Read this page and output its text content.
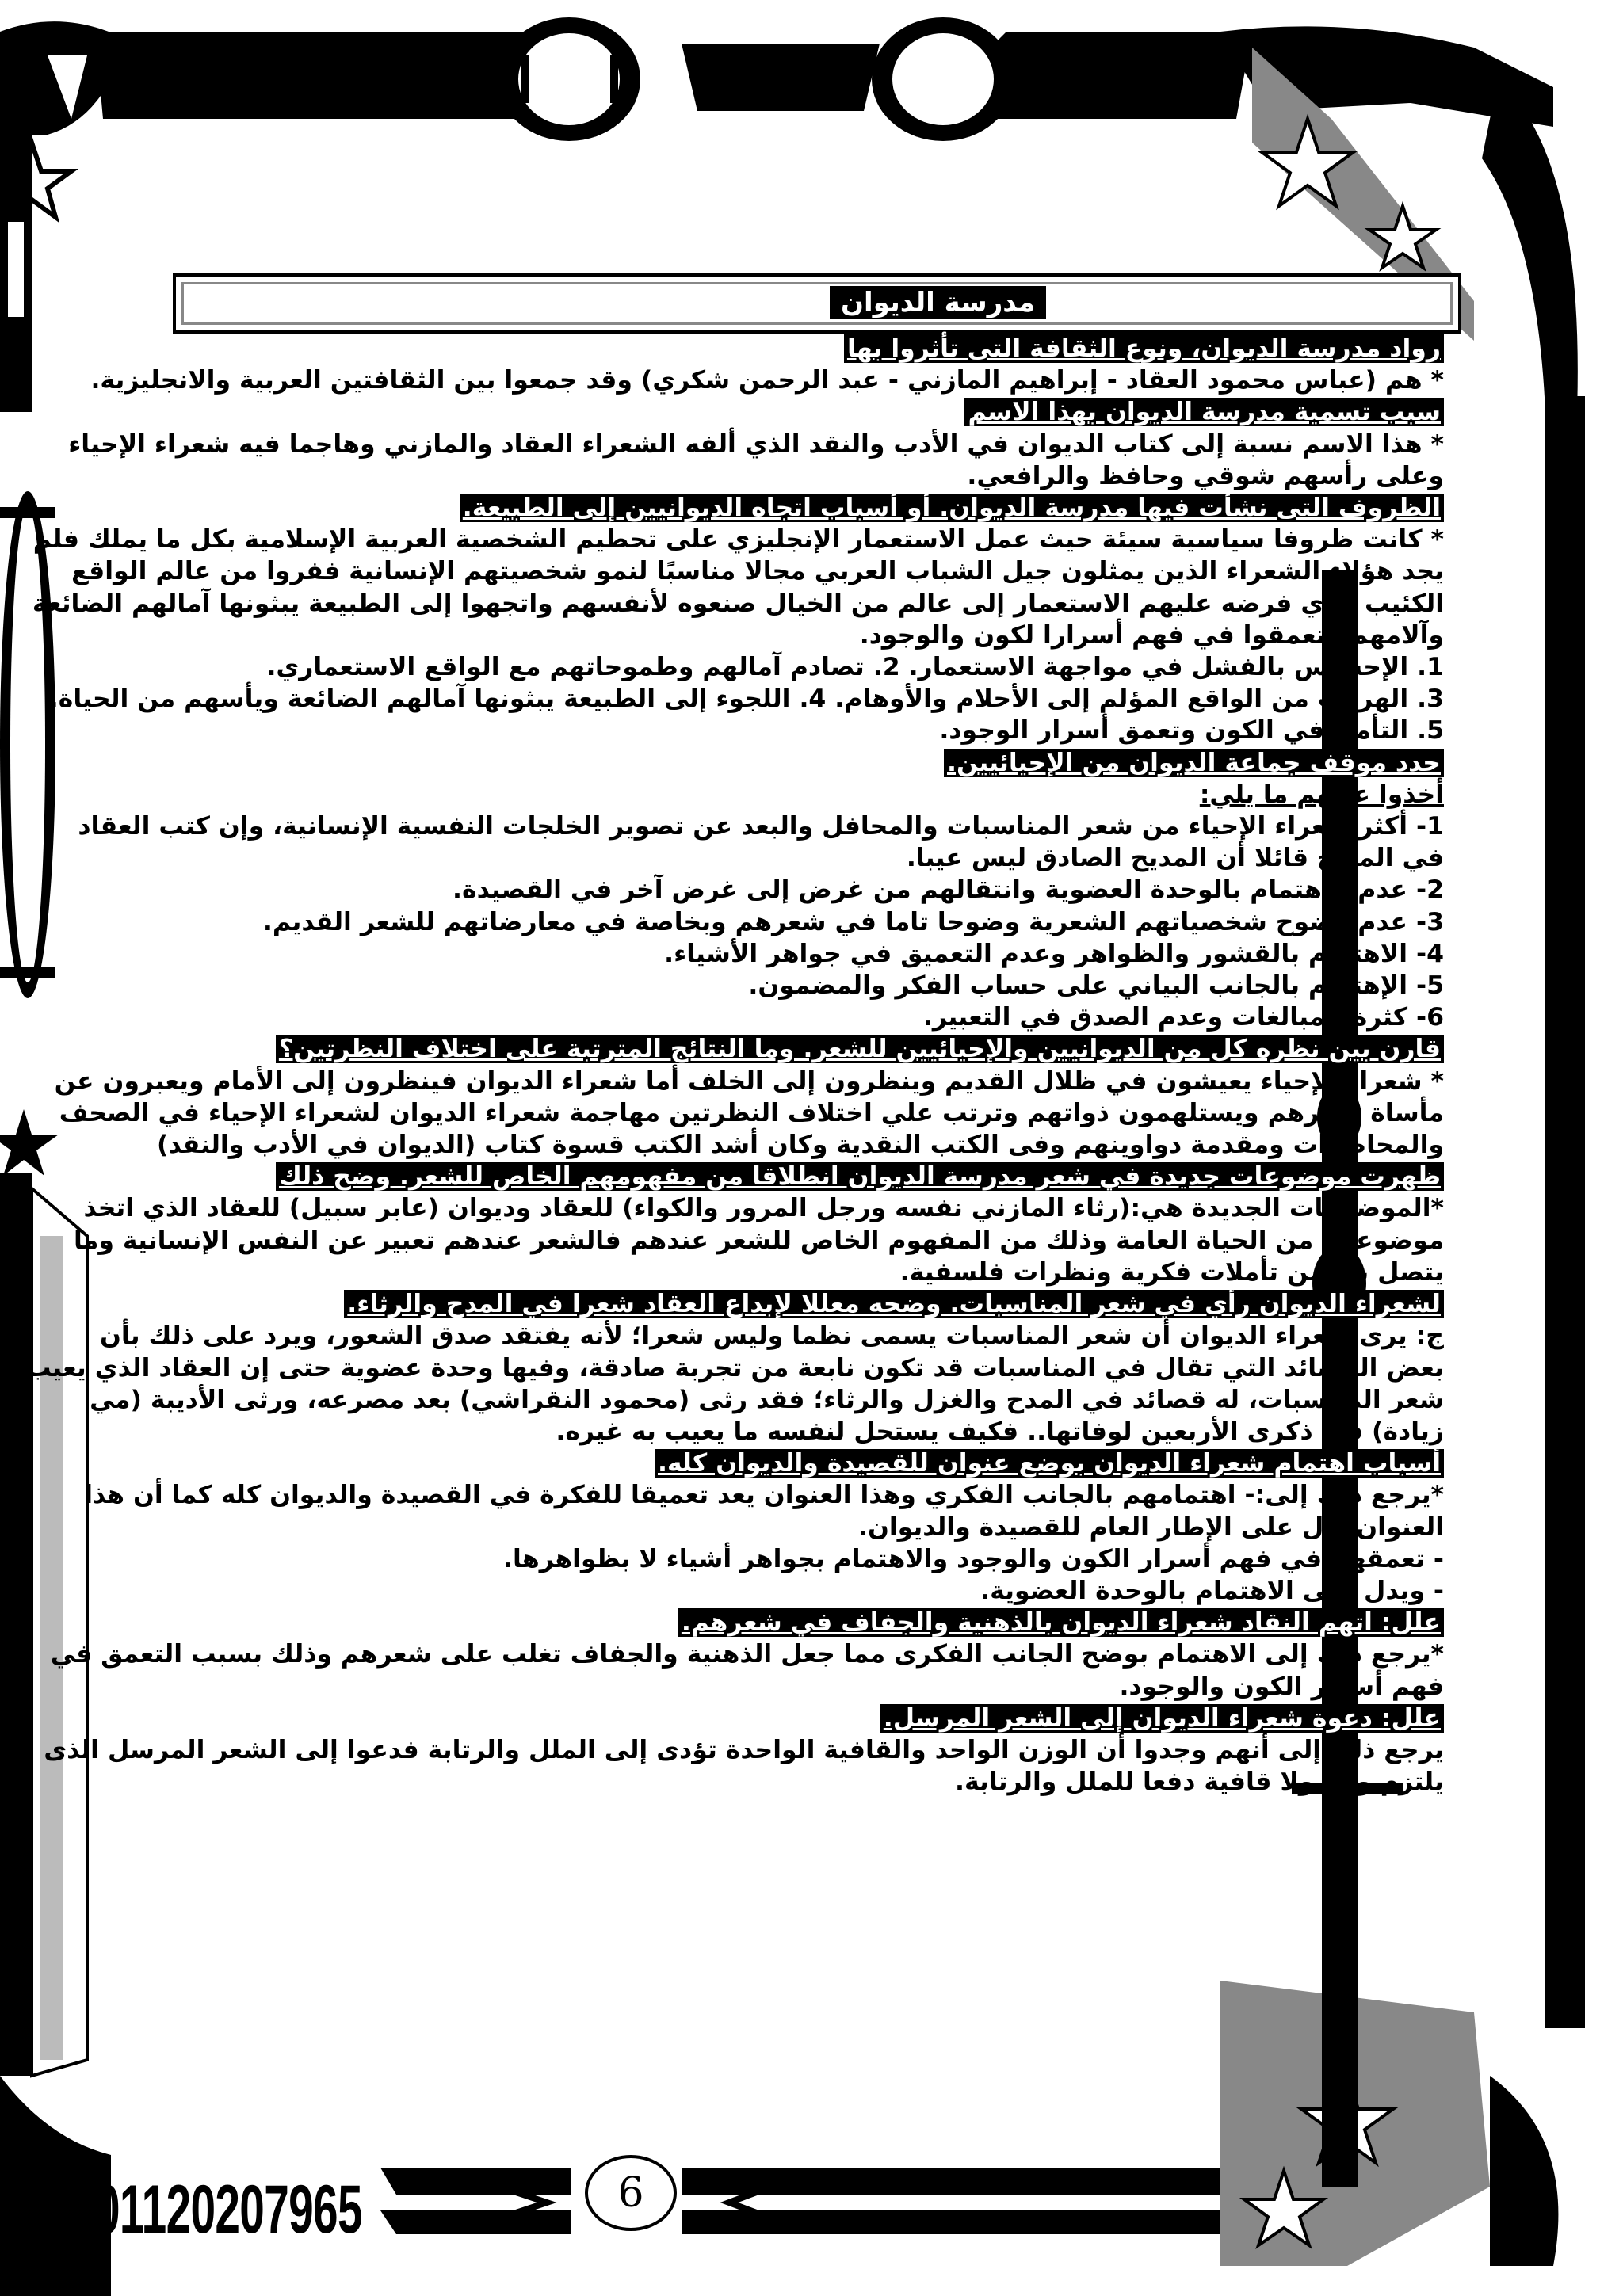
مدرسة الديوان
رواد مدرسة الديوان، ونوع الثقافة التى تأثروا بها
* هم (عباس محمود العقاد - إبراهيم المازني - عبد الرحمن شكري) وقد جمعوا بين الثقافتين العربية والانجليزية.
سبب تسمية مدرسة الديوان بهذا الاسم
* هذا الاسم نسبة إلى كتاب الديوان في الأدب والنقد الذي ألفه الشعراء العقاد والمازني وهاجما فيه شعراء الإحياء
وعلى رأسهم شوقي وحافظ والرافعي.
الظروف التى نشأت فيها مدرسة الديوان. أو أسباب اتجاه الديوانيين إلى الطبيعة.
* كانت ظروفا سياسية سيئة حيث عمل الاستعمار الإنجليزي على تحطيم الشخصية العربية الإسلامية بكل ما يملك فلم
يجد هؤلاء الشعراء الذين يمثلون جيل الشباب العربي مجالا مناسبًا لنمو شخصيتهم الإنسانية ففروا من عالم الواقع
الكئيب الذي فرضه عليهم الاستعمار إلى عالم من الخيال صنعوه لأنفسهم واتجهوا إلى الطبيعة يبثونها آمالهم الضائعة
وآلامهم وتعمقوا في فهم أسرارا لكون والوجود.
1. الإحساس بالفشل في مواجهة الاستعمار. 2. تصادم آمالهم وطموحاتهم مع الواقع الاستعماري.
3. الهروب من الواقع المؤلم إلى الأحلام والأوهام. 4. اللجوء إلى الطبيعة يبثونها آمالهم الضائعة ويأسهم من الحياة.
5. التأمل في الكون وتعمق أسرار الوجود.
حدد موقف جماعة الديوان من الإحيائيين.
أخذوا عليهم ما يلي:
1- أكثر شعراء الإحياء من شعر المناسبات والمحافل والبعد عن تصوير الخلجات النفسية الإنسانية، وإن كتب العقاد
في المديح قائلا أن المديح الصادق ليس عيبا.
2- عدم الاهتمام بالوحدة العضوية وانتقالهم من غرض إلى غرض آخر في القصيدة.
3- عدم وضوح شخصياتهم الشعرية وضوحا تاما في شعرهم وبخاصة في معارضاتهم للشعر القديم.
4- الاهتمام بالقشور والظواهر وعدم التعميق في جواهر الأشياء.
5- الإهتمام بالجانب البياني على حساب الفكر والمضمون.
6- كثرة المبالغات وعدم الصدق في التعبير.
قارن بين نظره كل من الديوانيين والإحيائيين للشعر. وما النتائج المترتبة على اختلاف النظرتين؟
* شعراء الإحياء يعيشون في ظلال القديم وينظرون إلى الخلف أما شعراء الديوان فينظرون إلى الأمام ويعبرون عن
مأساة عصرهم ويستلهمون ذواتهم وترتب علي اختلاف النظرتين مهاجمة شعراء الديوان لشعراء الإحياء في الصحف
والمحاضرات ومقدمة دواوينهم وفى الكتب النقدية وكان أشد الكتب قسوة كتاب (الديوان في الأدب والنقد)
ظهرت موضوعات جديدة في شعر مدرسة الديوان انطلاقا من مفهومهم الخاص للشعر. وضح ذلك
*الموضوعات الجديدة هي:(رثاء المازني نفسه ورجل المرور والكواء) للعقاد وديوان (عابر سبيل) للعقاد الذي اتخذ
موضوعاته من الحياة العامة وذلك من المفهوم الخاص للشعر عندهم فالشعر عندهم تعبير عن النفس الإنسانية وما
يتصل بها من تأملات فكرية ونظرات فلسفية.
لشعراء الديوان رأي في شعر المناسبات. وضحه معللا لإبداع العقاد شعرا في المدح والرثاء.
ج: يرى شعراء الديوان أن شعر المناسبات يسمى نظما وليس شعرا؛ لأنه يفتقد صدق الشعور، ويرد على ذلك بأن
بعض القصائد التي تقال في المناسبات قد تكون نابعة من تجربة صادقة، وفيها وحدة عضوية حتى إن العقاد الذي يعيب
شعر المناسبات، له قصائد في المدح والغزل والرثاء؛ فقد رثى (محمود النقراشي) بعد مصرعه، ورثى الأديبة (مي
زيادة) في ذكرى الأربعين لوفاتها.. فكيف يستحل لنفسه ما يعيب به غيره.
أسباب اهتمام شعراء الديوان بوضع عنوان للقصيدة والديوان كله.
*يرجع ذلك إلى:- اهتمامهم بالجانب الفكري وهذا العنوان يعد تعميقا للفكرة في القصيدة والديوان كله كما أن هذا
العنوان يدل على الإطار العام للقصيدة والديوان.
- تعمقهم في فهم أسرار الكون والوجود والاهتمام بجواهر أشياء لا بظواهرها.
- ويدل على الاهتمام بالوحدة العضوية.
علل: اتهم النقاد شعراء الديوان بالذهنية والجفاف في شعرهم.
*يرجع ذلك إلى الاهتمام بوضح الجانب الفكرى مما جعل الذهنية والجفاف تغلب على شعرهم وذلك بسبب التعمق في
فهم أسرار الكون والوجود.
علل: دعوة شعراء الديوان إلى الشعر المرسل.
يرجع ذلك إلى أنهم وجدوا أن الوزن الواحد والقافية الواحدة تؤدى إلى الملل والرتابة فدعوا إلى الشعر المرسل الذى لا
يلتزم وزنا ولا قافية دفعا للملل والرتابة.
6
01120207965
